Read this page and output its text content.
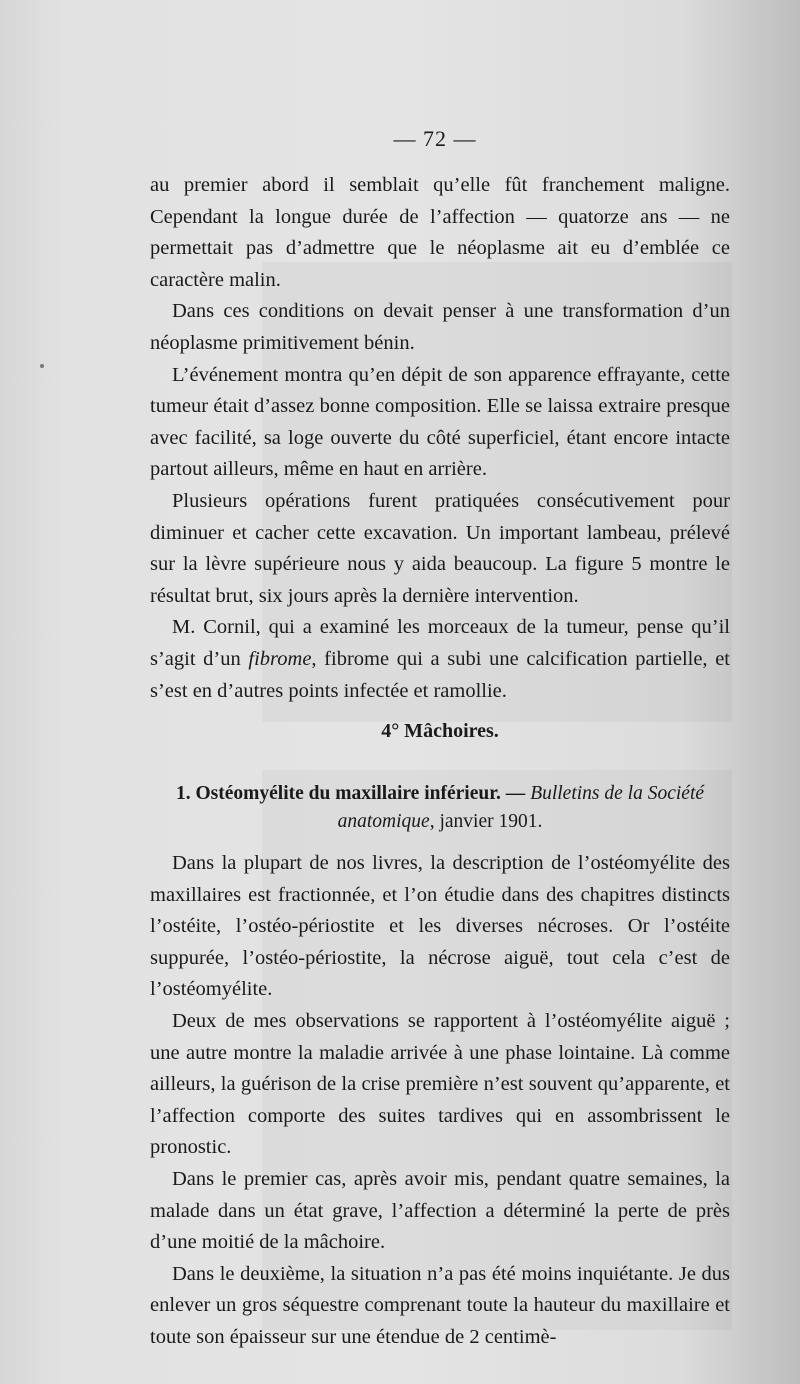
— 72 —

au premier abord il semblait qu’elle fût franchement maligne. Cependant la longue durée de l’affection — quatorze ans — ne permettait pas d’admettre que le néoplasme ait eu d’emblée ce caractère malin.

Dans ces conditions on devait penser à une transformation d’un néoplasme primitivement bénin.

L’événement montra qu’en dépit de son apparence effrayante, cette tumeur était d’assez bonne composition. Elle se laissa extraire presque avec facilité, sa loge ouverte du côté superficiel, étant encore intacte partout ailleurs, même en haut en arrière.

Plusieurs opérations furent pratiquées consécutivement pour diminuer et cacher cette excavation. Un important lambeau, prélevé sur la lèvre supérieure nous y aida beaucoup. La figure 5 montre le résultat brut, six jours après la dernière intervention.

M. Cornil, qui a examiné les morceaux de la tumeur, pense qu’il s’agit d’un fibrome, fibrome qui a subi une calcification partielle, et s’est en d’autres points infectée et ramollie.

4° Mâchoires.
1. Ostéomyélite du maxillaire inférieur. — Bulletins de la Société anatomique, janvier 1901.

Dans la plupart de nos livres, la description de l’ostéomyélite des maxillaires est fractionnée, et l’on étudie dans des chapitres distincts l’ostéite, l’ostéo-périostite et les diverses nécroses. Or l’ostéite suppurée, l’ostéo-périostite, la nécrose aiguë, tout cela c’est de l’ostéomyélite.

Deux de mes observations se rapportent à l’ostéomyélite aiguë ; une autre montre la maladie arrivée à une phase lointaine. Là comme ailleurs, la guérison de la crise première n’est souvent qu’apparente, et l’affection comporte des suites tardives qui en assombrissent le pronostic.

Dans le premier cas, après avoir mis, pendant quatre semaines, la malade dans un état grave, l’affection a déterminé la perte de près d’une moitié de la mâchoire.

Dans le deuxième, la situation n’a pas été moins inquiétante. Je dus enlever un gros séquestre comprenant toute la hauteur du maxillaire et toute son épaisseur sur une étendue de 2 centimè-
